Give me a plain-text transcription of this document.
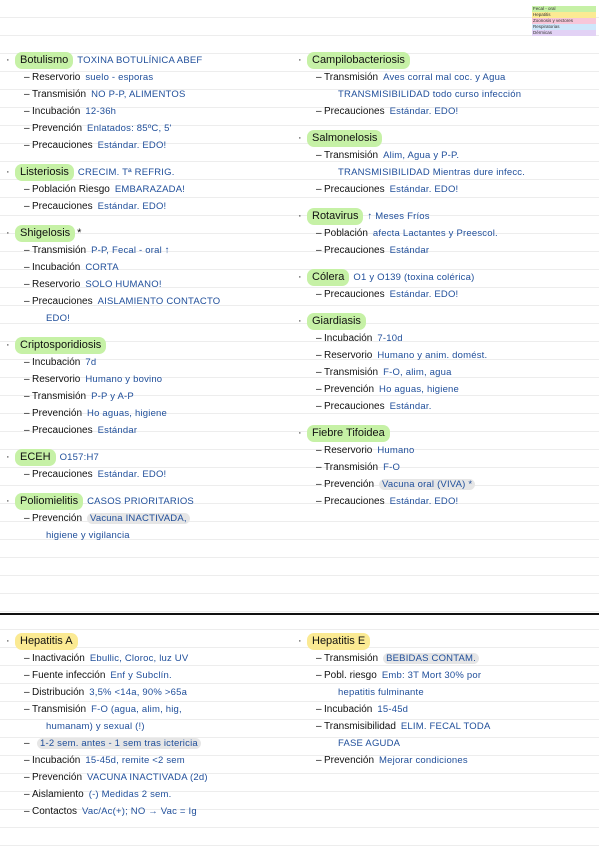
Fecal - oral
Hepatitis
Zoonosis y vectores
Respiratorias
Dérmicas
· Botulismo TOXINA BOTULÍNICA ABEF
– Reservorio suelo - esporas
– Transmisión NO P-P, ALIMENTOS
– Incubación 12-36h
– Prevención Enlatados: 85ºC, 5'
– Precauciones Estándar. EDO!
· Listeriosis CRECIM. Tª REFRIG.
– Población Riesgo EMBARAZADA!
– Precauciones Estándar. EDO!
· Shigelosis *
– Transmisión P-P, Fecal - oral ↑
– Incubación CORTA
– Reservorio SOLO HUMANO!
– Precauciones AISLAMIENTO CONTACTO
EDO!
· Criptosporidiosis
– Incubación 7d
– Reservorio Humano y bovino
– Transmisión P-P y A-P
– Prevención Ho aguas, higiene
– Precauciones Estándar
· ECEH O157:H7
– Precauciones Estándar. EDO!
· Poliomielitis CASOS PRIORITARIOS
– Prevención Vacuna INACTIVADA,
higiene y vigilancia
· Campilobacteriosis
– Transmisión Aves corral mal coc. y Agua
TRANSMISIBILIDAD todo curso infección
– Precauciones Estándar. EDO!
· Salmonelosis
– Transmisión Alim, Agua y P-P.
TRANSMISIBILIDAD Mientras dure infecc.
– Precauciones Estándar. EDO!
· Rotavirus ↑ Meses Fríos
– Población afecta Lactantes y Preescol.
– Precauciones Estándar
· Cólera O1 y O139 (toxina colérica)
– Precauciones Estándar. EDO!
· Giardiasis
– Incubación 7-10d
– Reservorio Humano y anim. domést.
– Transmisión F-O, alim, agua
– Prevención Ho aguas, higiene
– Precauciones Estándar.
· Fiebre Tifoidea
– Reservorio Humano
– Transmisión F-O
– Prevención Vacuna oral (VIVA) *
– Precauciones Estándar. EDO!
· Hepatitis A
– Inactivación Ebullic, Cloroc, luz UV
– Fuente infección Enf y Subclín.
– Distribución 3,5% <14a, 90% >65a
– Transmisión F-O (agua, alim, hig,
humanam) y sexual (!)
– 1-2 sem. antes - 1 sem tras ictericia
– Incubación 15-45d, remite <2 sem
– Prevención VACUNA INACTIVADA (2d)
– Aislamiento (-) Medidas 2 sem.
– Contactos Vac/Ac(+); NO → Vac = Ig
· Hepatitis E
– Transmisión BEBIDAS CONTAM.
– Pobl. riesgo Emb: 3T Mort 30% por
hepatitis fulminante
– Incubación 15-45d
– Transmisibilidad ELIM. FECAL TODA
FASE AGUDA
– Prevención Mejorar condiciones
